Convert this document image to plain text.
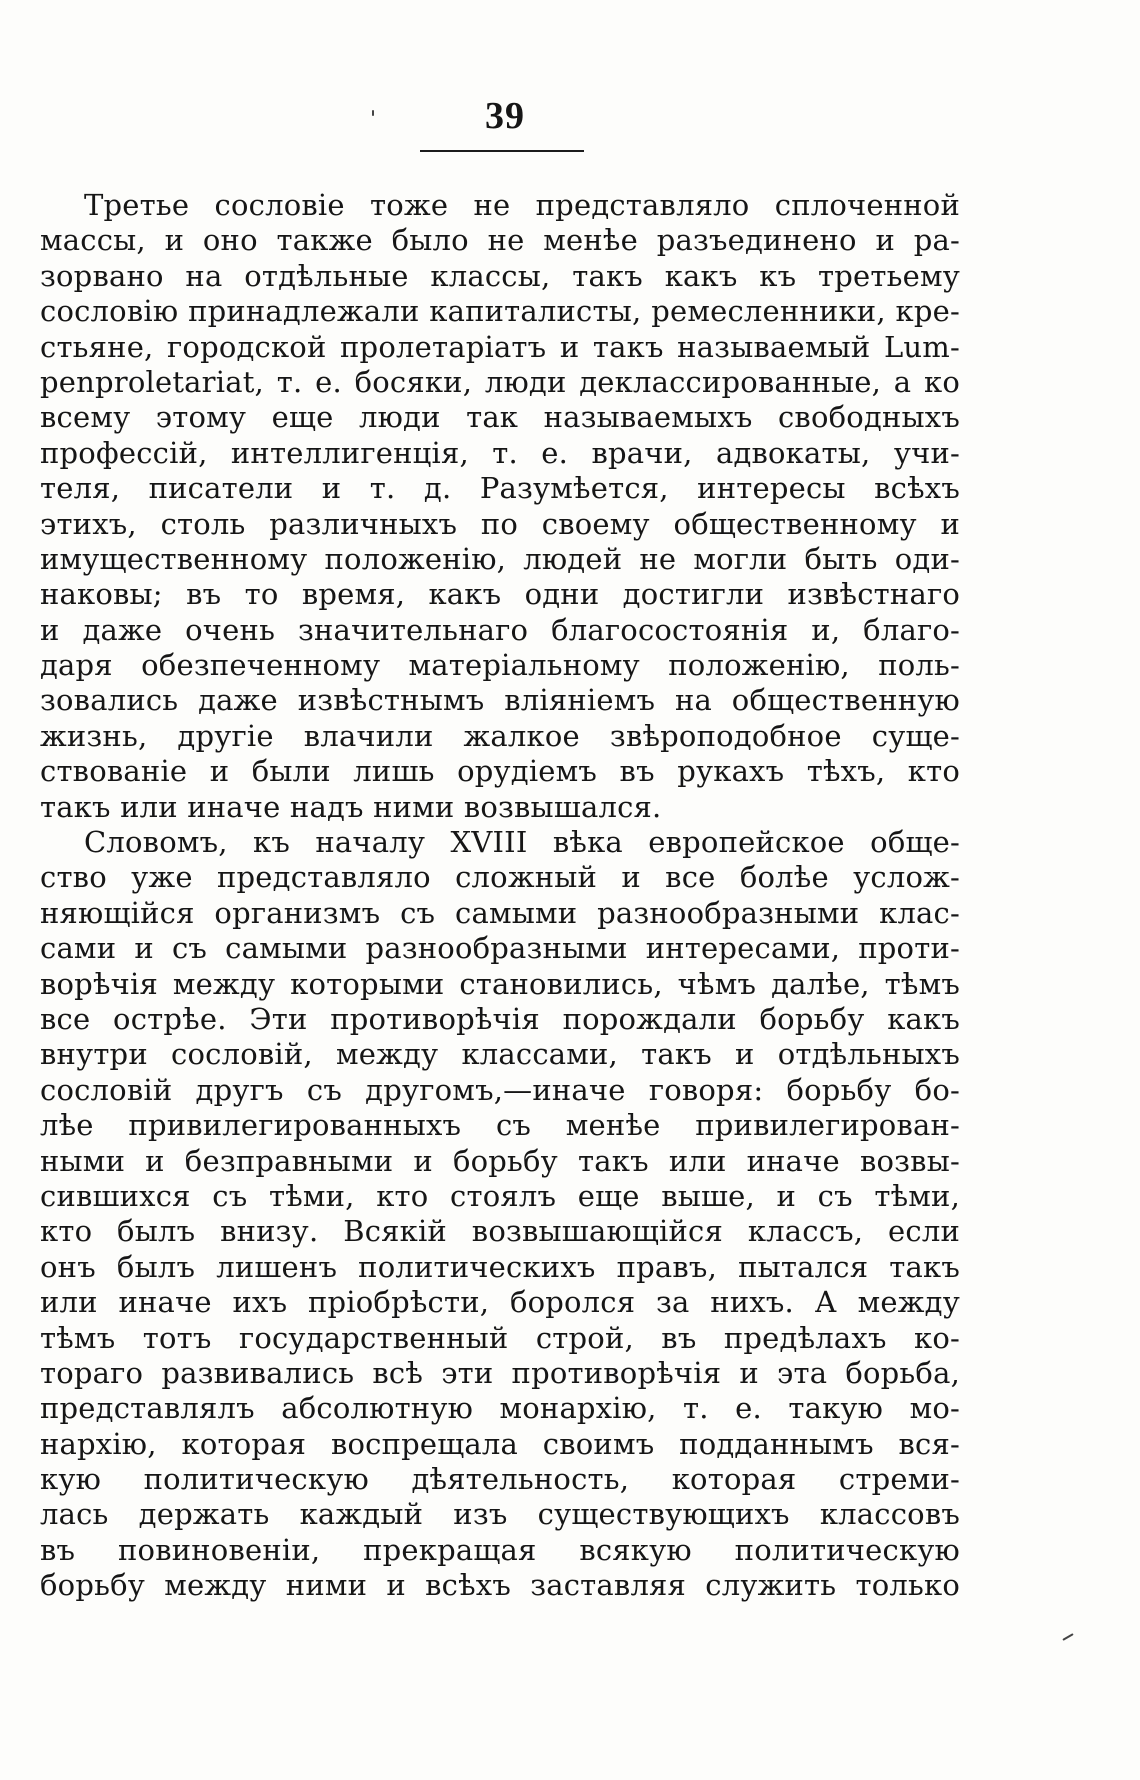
39
Третье сословіе тоже не представляло сплоченной
массы, и оно также было не менѣе разъединено и ра-
зорвано на отдѣльные классы, такъ какъ къ третьему
сословію принадлежали капиталисты, ремесленники, кре-
стьяне, городской пролетаріатъ и такъ называемый Lum-
penproletariat, т. е. босяки, люди деклассированные, а ко
всему этому еще люди так называемыхъ свободныхъ
профессій, интеллигенція, т. е. врачи, адвокаты, учи-
теля, писатели и т. д. Разумѣется, интересы всѣхъ
этихъ, столь различныхъ по своему общественному и
имущественному положенію, людей не могли быть оди-
наковы; въ то время, какъ одни достигли извѣстнаго
и даже очень значительнаго благосостоянія и, благо-
даря обезпеченному матеріальному положенію, поль-
зовались даже извѣстнымъ вліяніемъ на общественную
жизнь, другіе влачили жалкое звѣроподобное суще-
ствованіе и были лишь орудіемъ въ рукахъ тѣхъ, кто
такъ или иначе надъ ними возвышался.
Словомъ, къ началу XVIII вѣка европейское обще-
ство уже представляло сложный и все болѣе услож-
няющійся организмъ съ самыми разнообразными клас-
сами и съ самыми разнообразными интересами, проти-
ворѣчія между которыми становились, чѣмъ далѣе, тѣмъ
все острѣе. Эти противорѣчія порождали борьбу какъ
внутри сословій, между классами, такъ и отдѣльныхъ
сословій другъ съ другомъ,—иначе говоря: борьбу бо-
лѣе привилегированныхъ съ менѣе привилегирован-
ными и безправными и борьбу такъ или иначе возвы-
сившихся съ тѣми, кто стоялъ еще выше, и съ тѣми,
кто былъ внизу. Всякій возвышающійся классъ, если
онъ былъ лишенъ политическихъ правъ, пытался такъ
или иначе ихъ пріобрѣсти, боролся за нихъ. А между
тѣмъ тотъ государственный строй, въ предѣлахъ ко-
тораго развивались всѣ эти противорѣчія и эта борьба,
представлялъ абсолютную монархію, т. е. такую мо-
нархію, которая воспрещала своимъ подданнымъ вся-
кую политическую дѣятельность, которая стреми-
лась держать каждый изъ существующихъ классовъ
въ повиновеніи, прекращая всякую политическую
борьбу между ними и всѣхъ заставляя служить только
